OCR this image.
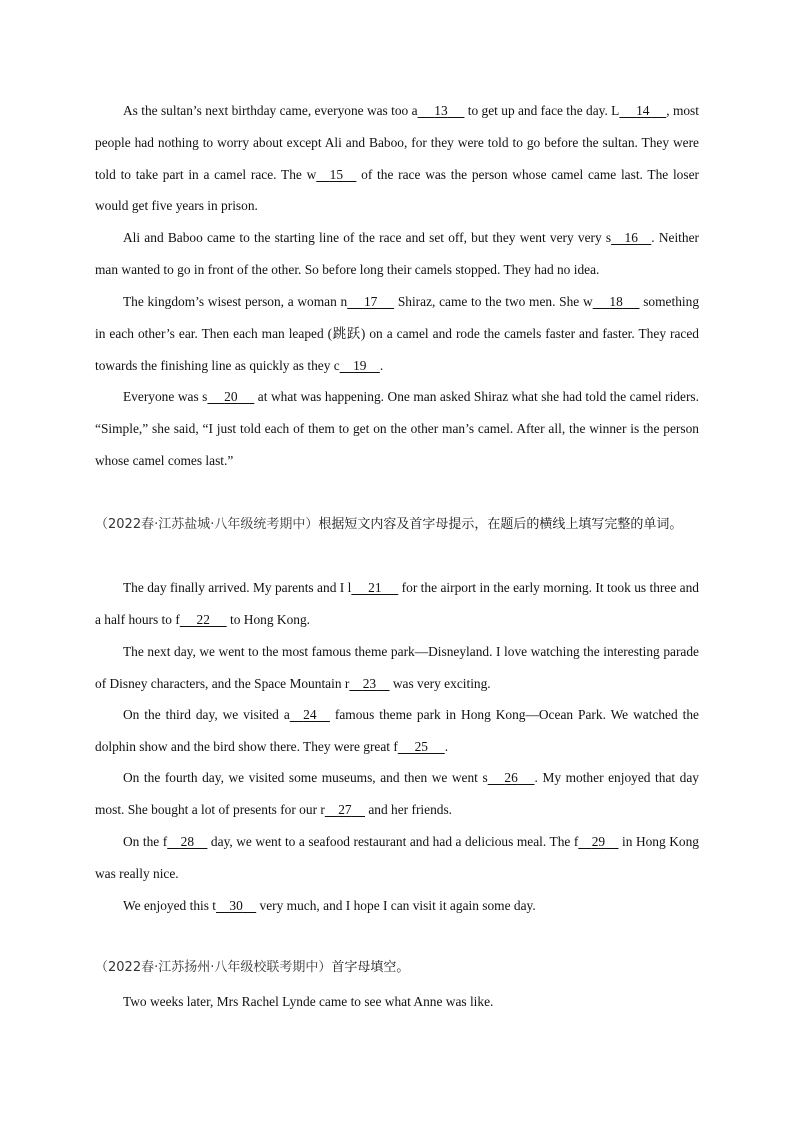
As the sultan’s next birthday came, everyone was too a 13      to get up and face the day. L 14 , most people had nothing to worry about except Ali and Baboo, for they were told to go before the sultan. They were told to take part in a camel race. The w 15     of the race was the person whose camel came last. The loser would get five years in prison.

Ali and Baboo came to the starting line of the race and set off, but they went very very s 16 . Neither man wanted to go in front of the other. So before long their camels stopped. They had no idea.

The kingdom’s wisest person, a woman n 17      Shiraz, came to the two men. She w 18      something in each other’s ear. Then each man leaped (跳跃) on a camel and rode the camels faster and faster. They raced towards the finishing line as quickly as they c 19 .

Everyone was s 20      at what was happening. One man asked Shiraz what she had told the camel riders. “Simple,” she said, “I just told each of them to get on the other man’s camel. After all, the winner is the person whose camel comes last.”

（2022春·江苏盐城·八年级统考期中）根据短文内容及首字母提示，在题后的横线上填写完整的单词。

The day finally arrived. My parents and I l 21      for the airport in the early morning. It took us three and a half hours to f 22      to Hong Kong.

The next day, we went to the most famous theme park—Disneyland. I love watching the interesting parade of Disney characters, and the Space Mountain r 23     was very exciting.

On the third day, we visited a 24     famous theme park in Hong Kong—Ocean Park. We watched the dolphin show and the bird show there. They were great f 25 .

On the fourth day, we visited some museums, and then we went s 26 . My mother enjoyed that day most. She bought a lot of presents for our r 27     and her friends.

On the f 28     day, we went to a seafood restaurant and had a delicious meal. The f 29     in Hong Kong was really nice.

We enjoyed this t 30     very much, and I hope I can visit it again some day.

（2022春·江苏扬州·八年级校联考期中）首字母填空。

Two weeks later, Mrs Rachel Lynde came to see what Anne was like.
